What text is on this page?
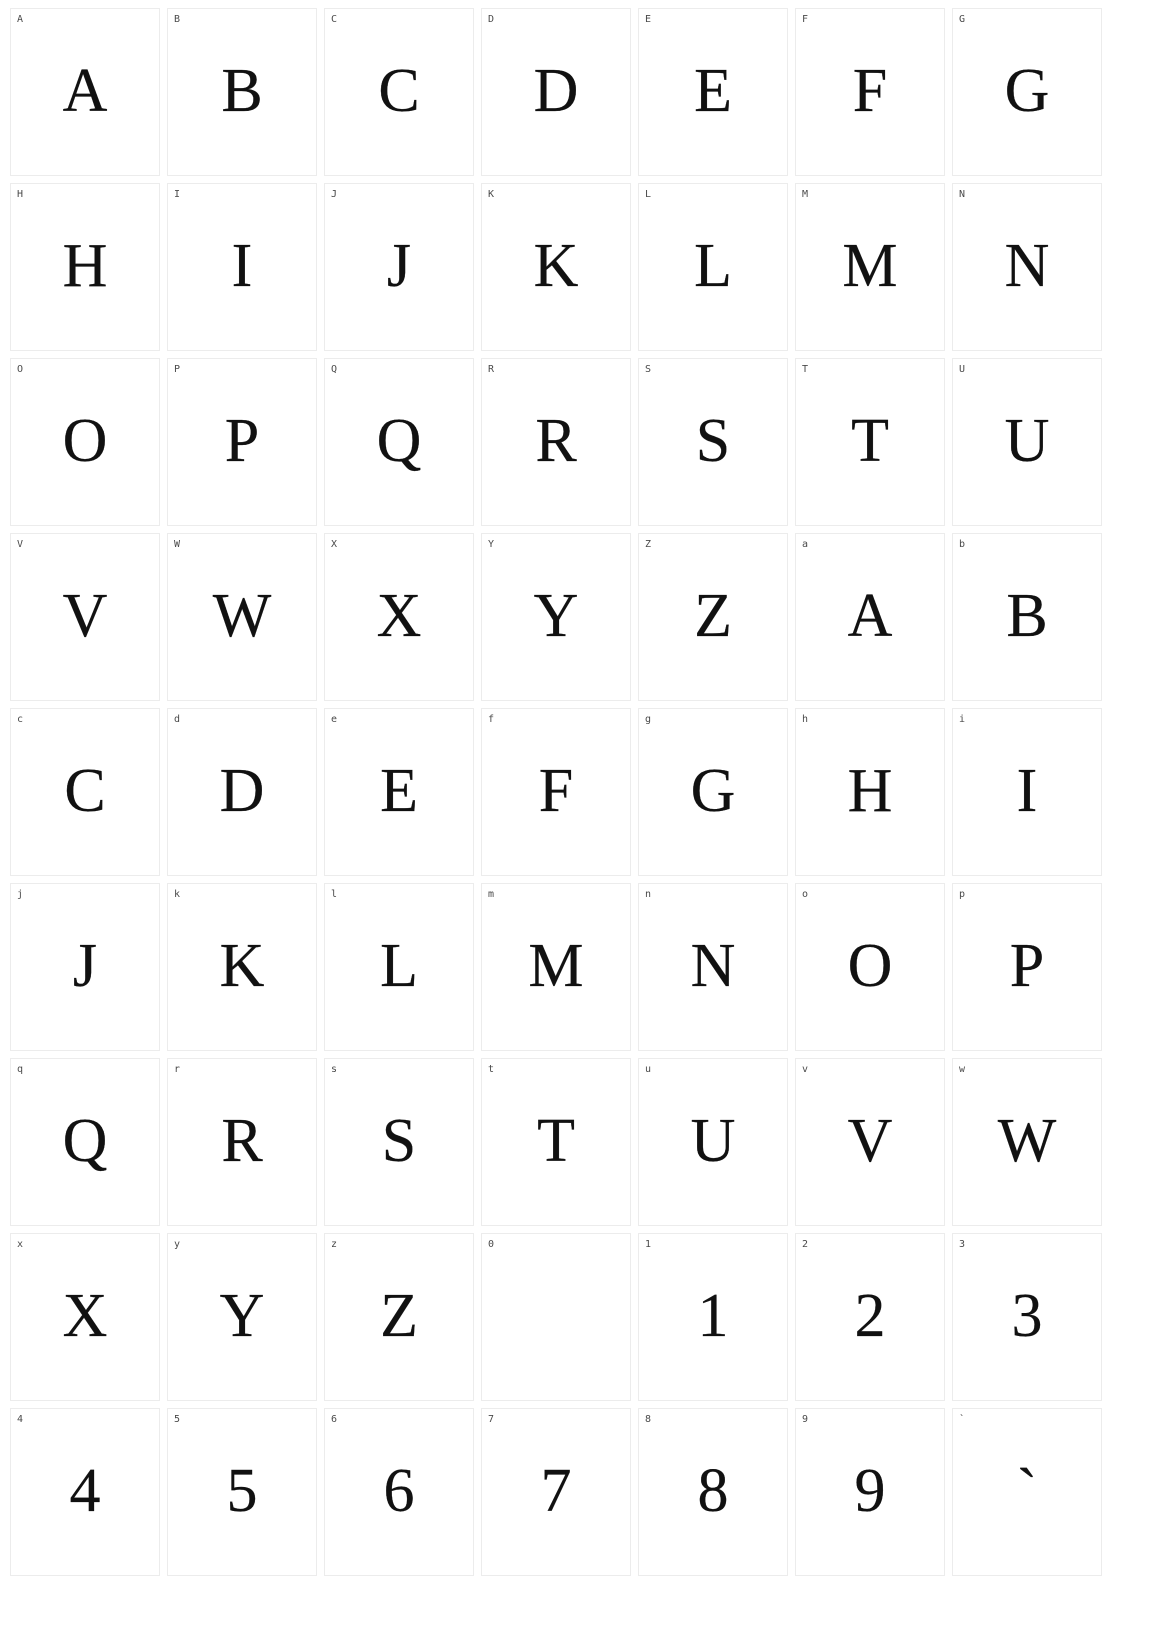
A
A
B
B
C
C
D
D
E
E
F
F
G
G
H
H
I
I
J
J
K
K
L
L
M
M
N
N
O
O
P
P
Q
Q
R
R
S
S
T
T
U
U
V
V
W
W
X
X
Y
Y
Z
Z
a
A
b
B
c
C
d
D
e
E
f
F
g
G
h
H
i
I
j
J
k
K
l
L
m
M
n
N
o
O
p
P
q
Q
r
R
s
S
t
T
u
U
v
V
w
W
x
X
y
Y
z
Z
0	1
1
2
2
3
3
4
4
5
5
6
6
7
7
8
8
9
9
`
`
